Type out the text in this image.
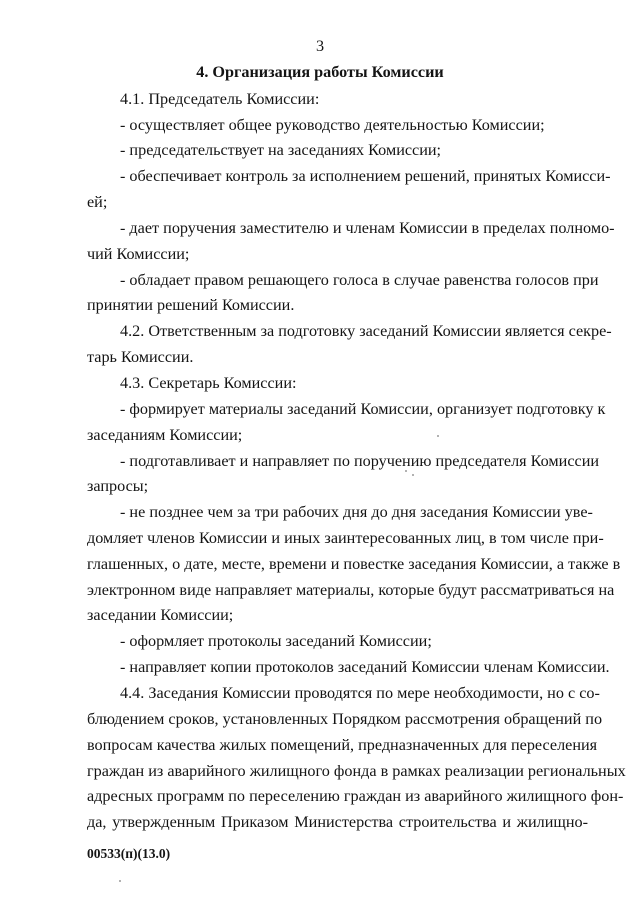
3
4. Организация работы Комиссии
4.1. Председатель Комиссии:
- осуществляет общее руководство деятельностью Комиссии;
- председательствует на заседаниях Комиссии;
- обеспечивает контроль за исполнением решений, принятых Комисси-
ей;
- дает поручения заместителю и членам Комиссии в пределах полномо-
чий Комиссии;
- обладает правом решающего голоса в случае равенства голосов при
принятии решений Комиссии.
4.2. Ответственным за подготовку заседаний Комиссии является секре-
тарь Комиссии.
4.3. Секретарь Комиссии:
- формирует материалы заседаний Комиссии, организует подготовку к
заседаниям Комиссии;
- подготавливает и направляет по поручению председателя Комиссии
запросы;
- не позднее чем за три рабочих дня до дня заседания Комиссии уве-
домляет членов Комиссии и иных заинтересованных лиц, в том числе при-
глашенных, о дате, месте, времени и повестке заседания Комиссии, а также в
электронном виде направляет материалы, которые будут рассматриваться на
заседании Комиссии;
- оформляет протоколы заседаний Комиссии;
- направляет копии протоколов заседаний Комиссии членам Комиссии.
4.4. Заседания Комиссии проводятся по мере необходимости, но с со-
блюдением сроков, установленных Порядком рассмотрения обращений по
вопросам качества жилых помещений, предназначенных для переселения
граждан из аварийного жилищного фонда в рамках реализации региональных
адресных программ по переселению граждан из аварийного жилищного фон-
да, утвержденным Приказом Министерства строительства и жилищно-
00533(п)(13.0)
